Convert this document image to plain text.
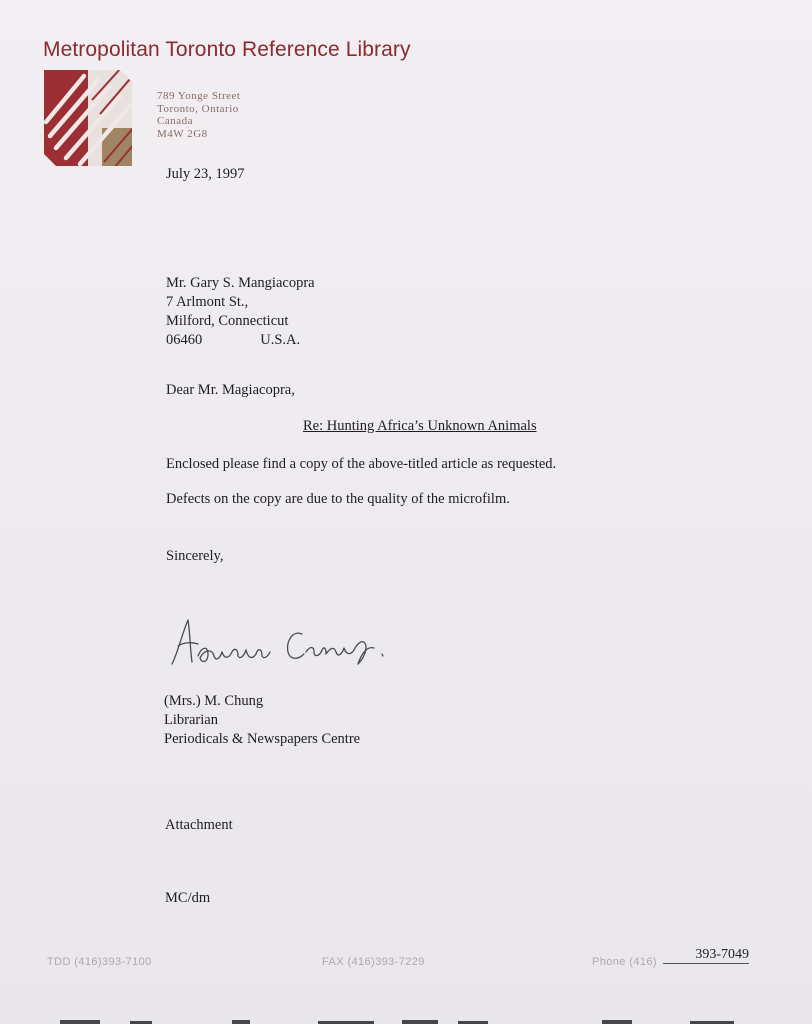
Metropolitan Toronto Reference Library
789 Yonge Street
Toronto, Ontario
Canada
M4W 2G8
July 23, 1997
Mr. Gary S. Mangiacopra
7 Arlmont St.,
Milford, Connecticut
06460	U.S.A.
Dear Mr. Magiacopra,
Re: Hunting Africa’s Unknown Animals
Enclosed please find a copy of the above-titled article as requested.
Defects on the copy are due to the quality of the microfilm.
Sincerely,
(Mrs.) M. Chung
Librarian
Periodicals & Newspapers Centre
Attachment
MC/dm
TDD (416)393-7100	FAX (416)393-7229	Phone (416)	393-7049
